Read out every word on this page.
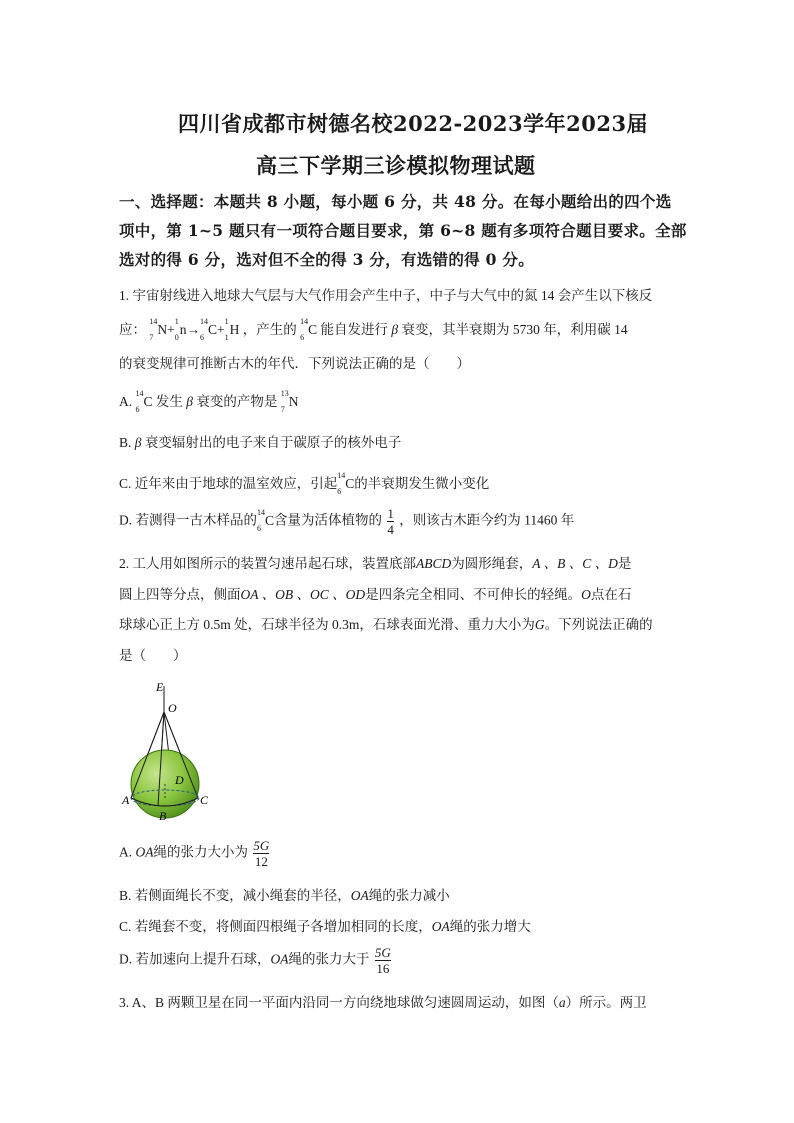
四川省成都市树德名校2022-2023学年2023届
高三下学期三诊模拟物理试题
一、选择题：本题共 8 小题，每小题 6 分，共 48 分。在每小题给出的四个选
项中，第 1~5 题只有一项符合题目要求，第 6~8 题有多项符合题目要求。全部
选对的得 6 分，选对但不全的得 3 分，有选错的得 0 分。
1. 宇宙射线进入地球大气层与大气作用会产生中子，中子与大气中的氮 14 会产生以下核反
应：
14
7
N+
1
0
n→
14
6
C+
1
1
H ，产生的
14
6
C 能自发进行 β 衰变，其半衰期为 5730 年，利用碳 14
的衰变规律可推断古木的年代．下列说法正确的是（　　）
A.
14
6
C 发生 β 衰变的产物是
13
7
N
B. β 衰变辐射出的电子来自于碳原子的核外电子
C. 近年来由于地球的温室效应，引起
14
6
C的半衰期发生微小变化
D. 若测得一古木样品的
14
6
C含量为活体植物的 $\frac{1}{4}$ ，则该古木距今约为 11460 年
2. 工人用如图所示的装置匀速吊起石球，装置底部ABCD为圆形绳套，A 、B 、C 、D是
圆上四等分点，侧面OA 、OB 、OC 、OD是四条完全相同、不可伸长的轻绳。O点在石
球球心正上方 0.5m 处，石球半径为 0.3m，石球表面光滑、重力大小为G。下列说法正确的
是（　　）
E
O
D
A	C
B
A. OA绳的张力大小为 $\frac{5G}{12}$
B. 若侧面绳长不变，减小绳套的半径，OA绳的张力减小
C. 若绳套不变，将侧面四根绳子各增加相同的长度，OA绳的张力增大
D. 若加速向上提升石球，OA绳的张力大于 $\frac{5G}{16}$
3. A、B 两颗卫星在同一平面内沿同一方向绕地球做匀速圆周运动，如图（a）所示。两卫
